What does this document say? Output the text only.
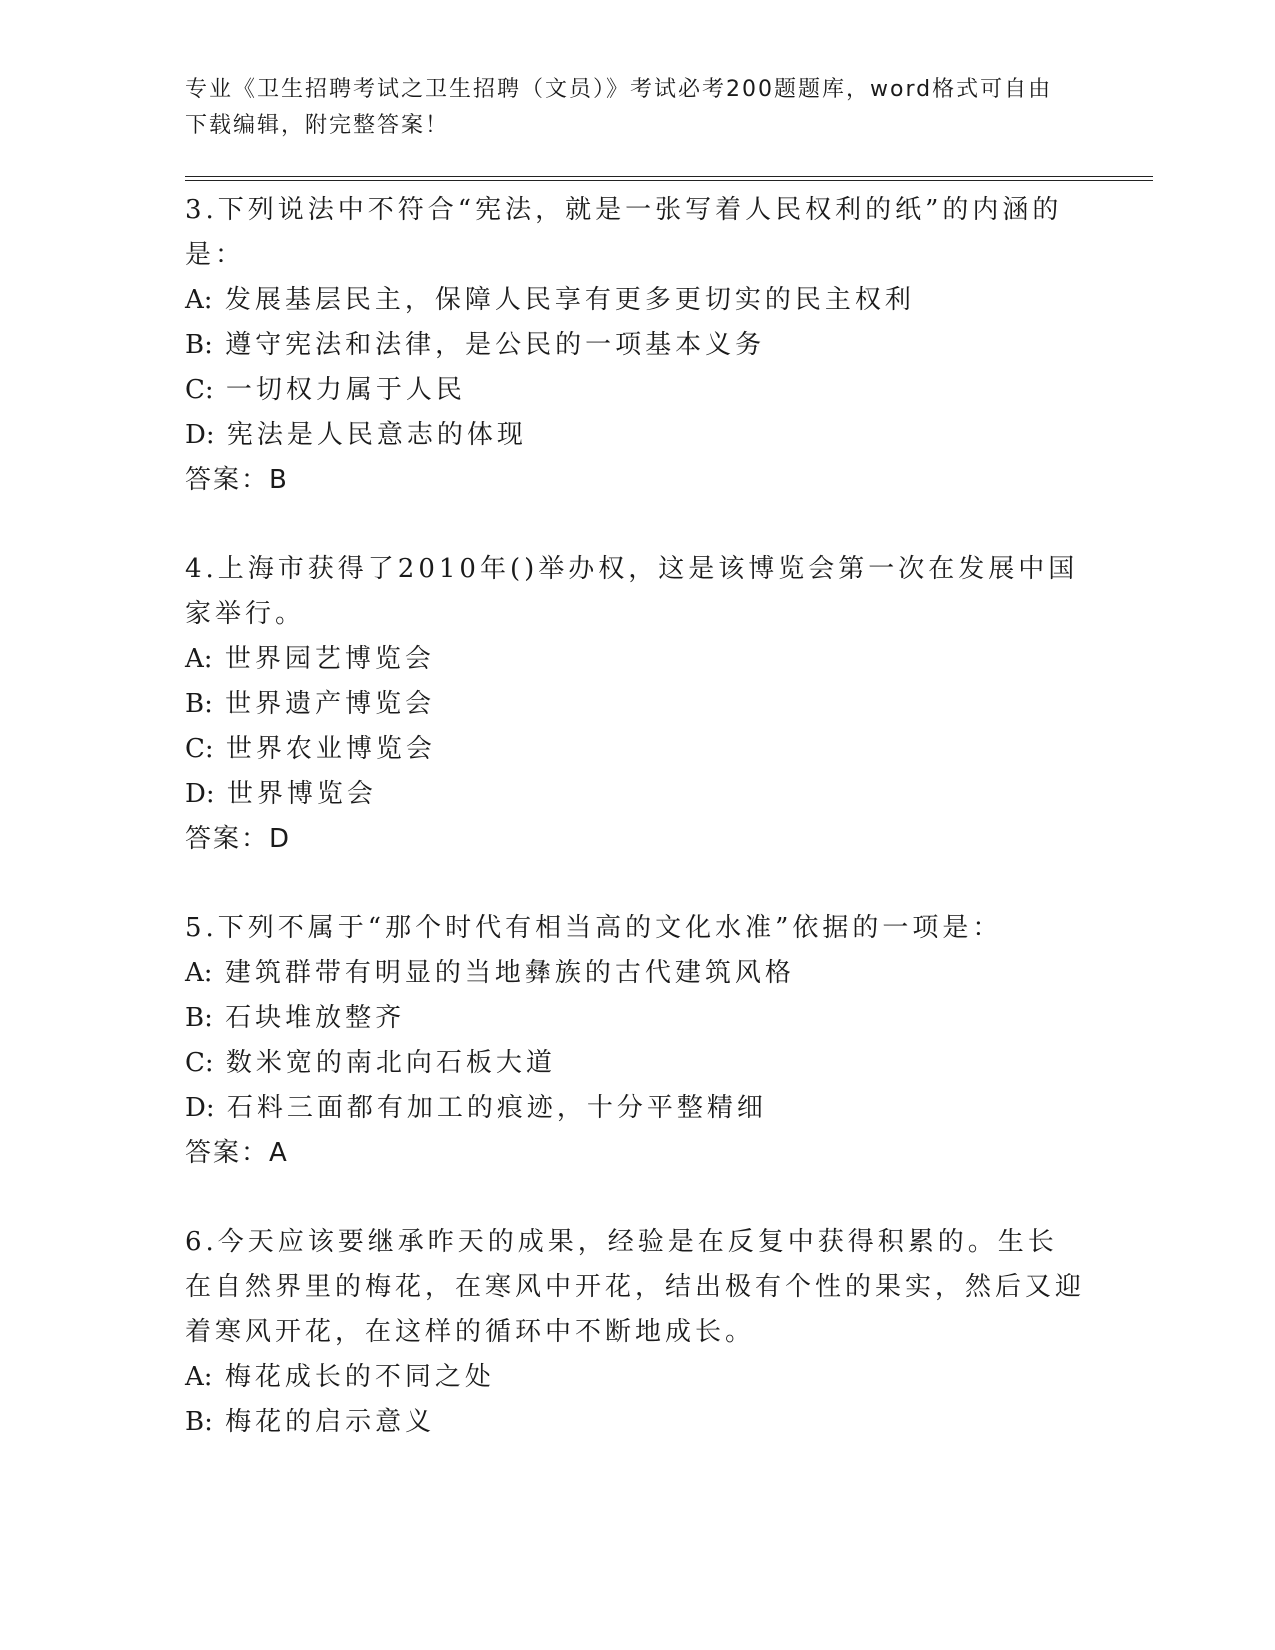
专业《卫生招聘考试之卫生招聘（文员）》考试必考200题题库，word格式可自由下载编辑，附完整答案！
3.下列说法中不符合“宪法，就是一张写着人民权利的纸”的内涵的是：
A: 发展基层民主，保障人民享有更多更切实的民主权利
B: 遵守宪法和法律，是公民的一项基本义务
C: 一切权力属于人民
D: 宪法是人民意志的体现
答案：B
4.上海市获得了2010年()举办权，这是该博览会第一次在发展中国家举行。
A: 世界园艺博览会
B: 世界遗产博览会
C: 世界农业博览会
D: 世界博览会
答案：D
5.下列不属于“那个时代有相当高的文化水准”依据的一项是：
A: 建筑群带有明显的当地彝族的古代建筑风格
B: 石块堆放整齐
C: 数米宽的南北向石板大道
D: 石料三面都有加工的痕迹，十分平整精细
答案：A
6.今天应该要继承昨天的成果，经验是在反复中获得积累的。生长在自然界里的梅花，在寒风中开花，结出极有个性的果实，然后又迎着寒风开花，在这样的循环中不断地成长。
A: 梅花成长的不同之处
B: 梅花的启示意义
